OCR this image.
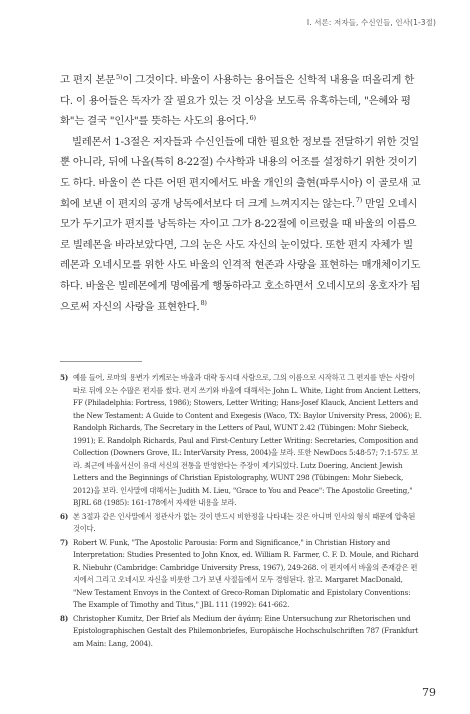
I. 서론: 저자들, 수신인들, 인사(1-3절)

고 편지 본문$^{5)}$이 그것이다. 바울이 사용하는 용어들은 신학적 내용을 떠올리게 한다. 이 용어들은 독자가 잘 필요가 있는 것 이상을 보도록 유혹하는데, "은혜와 평화"는 결국 "인사"를 뜻하는 사도의 용어다.$^{6)}$

빌레몬서 1-3절은 저자들과 수신인들에 대한 필요한 정보를 전달하기 위한 것일 뿐 아니라, 뒤에 나올(특히 8-22절) 수사학과 내용의 어조를 설정하기 위한 것이기도 하다. 바울이 쓴 다른 어떤 편지에서도 바울 개인의 출현(파루시아) 이 골로새 교회에 보낸 이 편지의 공개 낭독에서보다 더 크게 느껴지지는 않는다.$^{7)}$ 만일 오네시모가 두기고가 편지를 낭독하는 자이고 그가 8-22절에 이르렀을 때 바울의 이름으로 빌레몬을 바라보았다면, 그의 눈은 사도 자신의 눈이었다. 또한 편지 자체가 빌레몬과 오네시모를 위한 사도 바울의 인격적 현존과 사랑을 표현하는 매개체이기도 하다. 바울은 빌레몬에게 명예롭게 행동하라고 호소하면서 오네시모의 옹호자가 됨으로써 자신의 사랑을 표현한다.$^{8)}$

5) 예를 들어, 로마의 용변가 키케로는 바울과 대략 동시대 사람으로, 그의 이름으로 시작하고 그 편지를 받는 사람이 따로 뒤에 오는 수많은 편지를 썼다. 편지 쓰기와 바울에 대해서는 John L. White, Light from Ancient Letters, FF (Philadelphia: Fortress, 1986); Stowers, Letter Writing; Hans-Josef Klauck, Ancient Letters and the New Testament: A Guide to Content and Exegesis (Waco, TX: Baylor University Press, 2006); E. Randolph Richards, The Secretary in the Letters of Paul, WUNT 2.42 (Tübingen: Mohr Siebeck, 1991); E. Randolph Richards, Paul and First-Century Letter Writing: Secretaries, Composition and Collection (Downers Grove, IL: InterVarsity Press, 2004)을 보라. 또한 NewDocs 5:48-57; 7:1-57도 보라. 최근에 바울서신이 유대 서신의 전통을 반영한다는 주장이 제기되었다. Lutz Doering, Ancient Jewish Letters and the Beginnings of Christian Epistolography, WUNT 298 (Tübingen: Mohr Siebeck, 2012)을 보라. 인사말에 대해서는 Judith M. Lieu, "Grace to You and Peace": The Apostolic Greeting," BJRL 68 (1985): 161-178에서 자세한 내용을 보라.
6) 본 3절과 같은 인사말에서 정관사가 없는 것이 반드시 비한정을 나타내는 것은 아니며 인사의 형식 때문에 압축된 것이다.
7) Robert W. Funk, "The Apostolic Parousia: Form and Significance," in Christian History and Interpretation: Studies Presented to John Knox, ed. William R. Farmer, C. F. D. Moule, and Richard R. Niebuhr (Cambridge: Cambridge University Press, 1967), 249-268. 이 편지에서 바울의 존재감은 편지에서 그리고 오네시모 자신을 비롯한 그가 보낸 사절들에서 모두 경험된다. 참고. Margaret MacDonald, "New Testament Envoys in the Context of Greco-Roman Diplomatic and Epistolary Conventions: The Example of Timothy and Titus," JBL 111 (1992): 641-662.
8) Christopher Kumitz, Der Brief als Medium der ἀγάπη: Eine Untersuchung zur Rhetorischen und Epistolographischen Gestalt des Philemonbriefes, Europäische Hochschulschriften 787 (Frankfurt am Main: Lang, 2004).
79
